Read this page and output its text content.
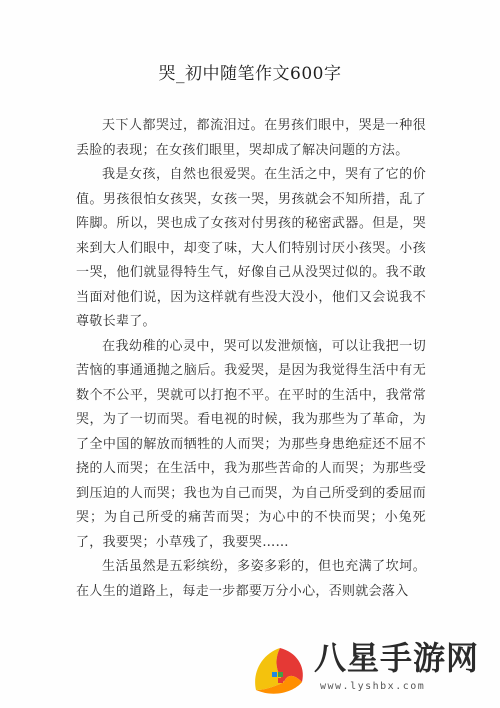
哭_初中随笔作文600字

天下人都哭过，都流泪过。在男孩们眼中，哭是一种很丢脸的表现；在女孩们眼里，哭却成了解决问题的方法。

我是女孩，自然也很爱哭。在生活之中，哭有了它的价值。男孩很怕女孩哭，女孩一哭，男孩就会不知所措，乱了阵脚。所以，哭也成了女孩对付男孩的秘密武器。但是，哭来到大人们眼中，却变了味，大人们特别讨厌小孩哭。小孩一哭，他们就显得特生气，好像自己从没哭过似的。我不敢当面对他们说，因为这样就有些没大没小，他们又会说我不尊敬长辈了。

在我幼稚的心灵中，哭可以发泄烦恼，可以让我把一切苦恼的事通通抛之脑后。我爱哭，是因为我觉得生活中有无数个不公平，哭就可以打抱不平。在平时的生活中，我常常哭，为了一切而哭。看电视的时候，我为那些为了革命，为了全中国的解放而牺牲的人而哭；为那些身患绝症还不屈不挠的人而哭；在生活中，我为那些苦命的人而哭；为那些受到压迫的人而哭；我也为自己而哭，为自己所受到的委屈而哭；为自己所受的痛苦而哭；为心中的不快而哭；小兔死了，我要哭；小草残了，我要哭……

生活虽然是五彩缤纷，多姿多彩的，但也充满了坎坷。在人生的道路上，每走一步都要万分小心，否则就会落入

八星手游网
www.lyshbx.com
